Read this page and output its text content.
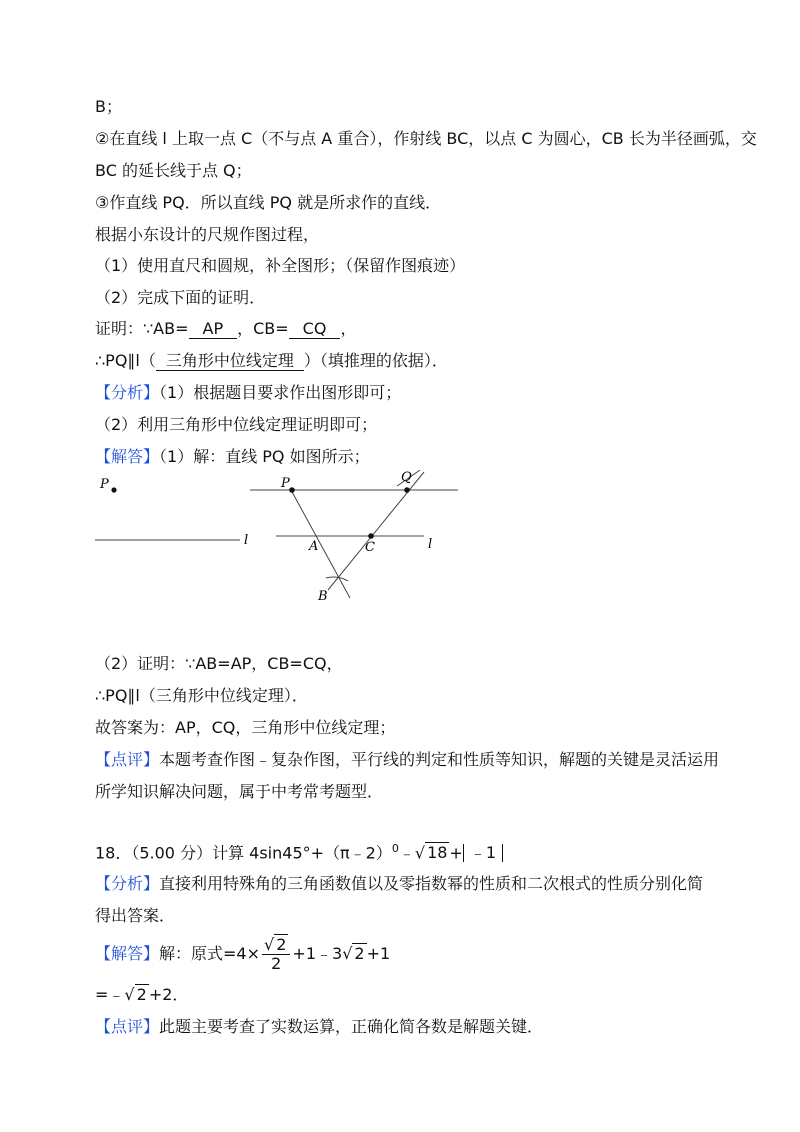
B；
②在直线 l 上取一点 C（不与点 A 重合），作射线 BC，以点 C 为圆心，CB 长为半径画弧，交
BC 的延长线于点 Q；
③作直线 PQ．所以直线 PQ 就是所求作的直线．
根据小东设计的尺规作图过程，
（1）使用直尺和圆规，补全图形；（保留作图痕迹）
（2）完成下面的证明．
证明：∵AB= AP ，CB= CQ ，
∴PQ∥l（ 三角形中位线定理 ）（填推理的依据）．
【分析】（1）根据题目要求作出图形即可；
（2）利用三角形中位线定理证明即可；
【解答】（1）解：直线 PQ 如图所示；
P
l
P	Q
A	C
B
l
（2）证明：∵AB=AP，CB=CQ，
∴PQ∥l（三角形中位线定理）．
故答案为：AP，CQ，三角形中位线定理；
【点评】本题考查作图﹣复杂作图，平行线的判定和性质等知识，解题的关键是灵活运用
所学知识解决问题，属于中考常考题型．
18．（5.00 分）计算 4sin45°+（π﹣2）$^0$﹣√ 18 + ﹣1
【分析】直接利用特殊角的三角函数值以及零指数幂的性质和二次根式的性质分别化简
得出答案．
【解答】解：原式$=4\times \frac{√ 2}{2}$ +1﹣3√ 2 +1
=﹣√ 2 +2．
【点评】此题主要考查了实数运算，正确化简各数是解题关键．
